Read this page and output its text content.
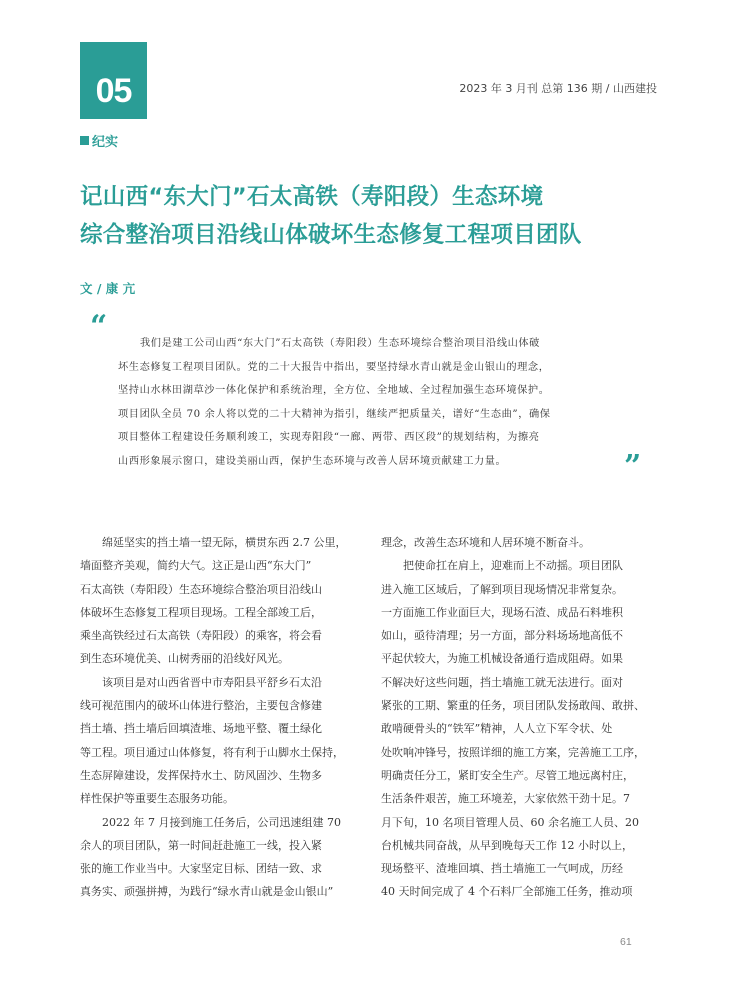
05	2023 年 3 月刊 总第 136 期 / 山西建投
纪实
记山西“东大门”石太高铁（寿阳段）生态环境
综合整治项目沿线山体破坏生态修复工程项目团队
文 / 康 亢
“	我们是建工公司山西“东大门”石太高铁（寿阳段）生态环境综合整治项目沿线山体破
坏生态修复工程项目团队。党的二十大报告中指出，要坚持绿水青山就是金山银山的理念，
坚持山水林田湖草沙一体化保护和系统治理，全方位、全地域、全过程加强生态环境保护。
项目团队全员 70 余人将以党的二十大精神为指引，继续严把质量关，谱好“生态曲”，确保
项目整体工程建设任务顺利竣工，实现寿阳段“一廊、两带、西区段”的规划结构，为擦亮
山西形象展示窗口，建设美丽山西，保护生态环境与改善人居环境贡献建工力量。	”
　　绵延坚实的挡土墙一望无际，横贯东西 2.7 公里，
墙面整齐美观，简约大气。这正是山西“东大门”
石太高铁（寿阳段）生态环境综合整治项目沿线山
体破坏生态修复工程项目现场。工程全部竣工后，
乘坐高铁经过石太高铁（寿阳段）的乘客，将会看
到生态环境优美、山树秀丽的沿线好风光。
　　该项目是对山西省晋中市寿阳县平舒乡石太沿
线可视范围内的破坏山体进行整治，主要包含修建
挡土墙、挡土墙后回填渣堆、场地平整、覆土绿化
等工程。项目通过山体修复，将有利于山脚水土保持，
生态屏障建设，发挥保持水土、防风固沙、生物多
样性保护等重要生态服务功能。
　　2022 年 7 月接到施工任务后，公司迅速组建 70
余人的项目团队，第一时间赶赴施工一线，投入紧
张的施工作业当中。大家坚定目标、团结一致、求
真务实、顽强拼搏，为践行“绿水青山就是金山银山”
理念，改善生态环境和人居环境不断奋斗。
　　把使命扛在肩上，迎难而上不动摇。项目团队
进入施工区域后，了解到项目现场情况非常复杂。
一方面施工作业面巨大，现场石渣、成品石料堆积
如山，亟待清理；另一方面，部分料场场地高低不
平起伏较大，为施工机械设备通行造成阻碍。如果
不解决好这些问题，挡土墙施工就无法进行。面对
紧张的工期、繁重的任务，项目团队发扬敢闯、敢拼、
敢啃硬骨头的“铁军”精神，人人立下军令状、处
处吹响冲锋号，按照详细的施工方案，完善施工工序，
明确责任分工，紧盯安全生产。尽管工地远离村庄，
生活条件艰苦，施工环境差，大家依然干劲十足。7
月下旬，10 名项目管理人员、60 余名施工人员、20
台机械共同奋战，从早到晚每天工作 12 小时以上，
现场整平、渣堆回填、挡土墙施工一气呵成，历经
40 天时间完成了 4 个石料厂全部施工任务，推动项
61
